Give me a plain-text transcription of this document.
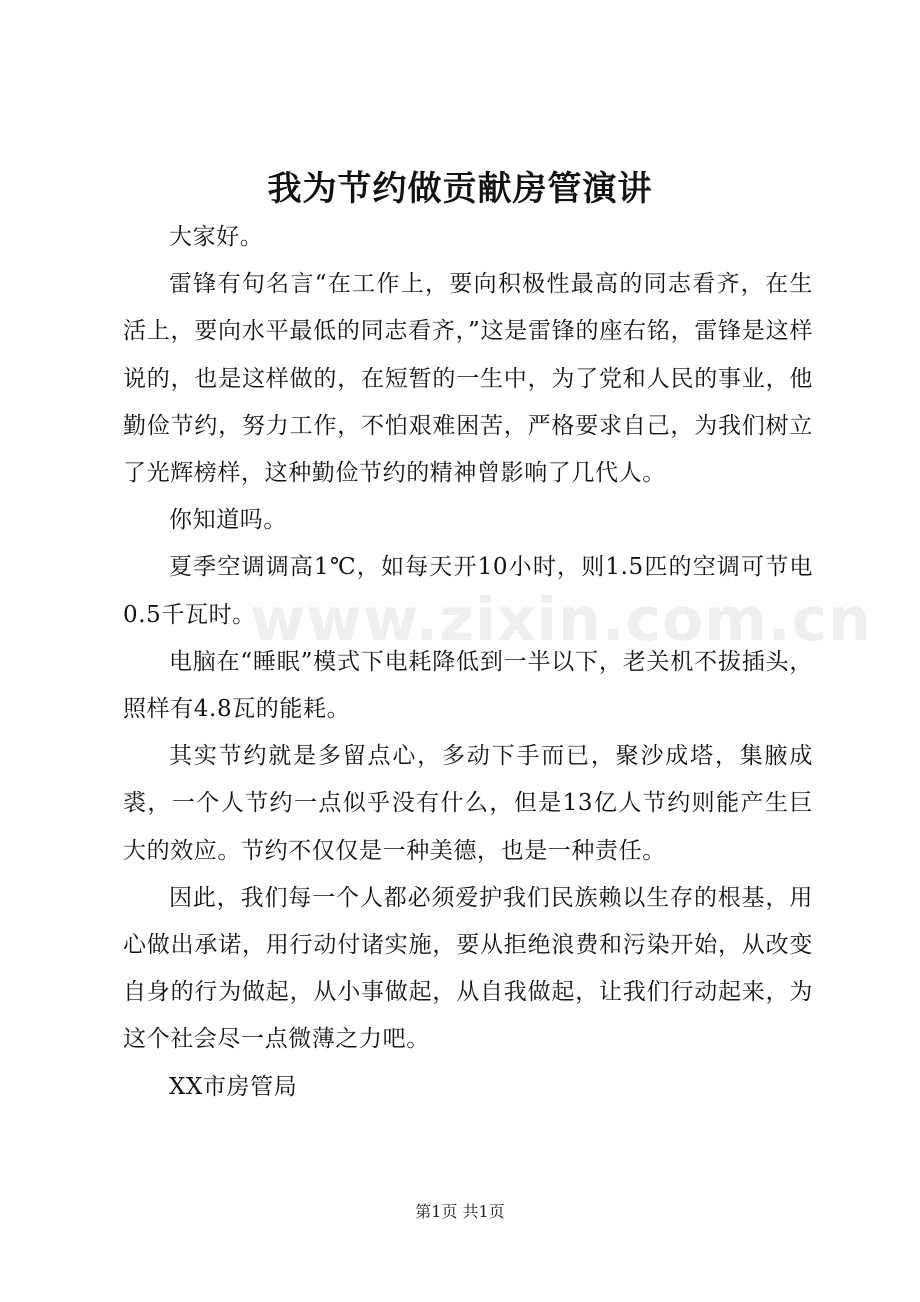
我为节约做贡献房管演讲

大家好。

雷锋有句名言“在工作上，要向积极性最高的同志看齐，在生活上，要向水平最低的同志看齐，”这是雷锋的座右铭，雷锋是这样说的，也是这样做的，在短暂的一生中，为了党和人民的事业，他勤俭节约，努力工作，不怕艰难困苦，严格要求自己，为我们树立了光辉榜样，这种勤俭节约的精神曾影响了几代人。

你知道吗。

夏季空调调高1℃，如每天开10小时，则1.5匹的空调可节电0.5千瓦时。

电脑在“睡眠”模式下电耗降低到一半以下，老关机不拔插头，照样有4.8瓦的能耗。

其实节约就是多留点心，多动下手而已，聚沙成塔，集腋成裘，一个人节约一点似乎没有什么，但是13亿人节约则能产生巨大的效应。节约不仅仅是一种美德，也是一种责任。

因此，我们每一个人都必须爱护我们民族赖以生存的根基，用心做出承诺，用行动付诸实施，要从拒绝浪费和污染开始，从改变自身的行为做起，从小事做起，从自我做起，让我们行动起来，为这个社会尽一点微薄之力吧。

XX市房管局

www.zixin.com.cn
第1页 共1页
